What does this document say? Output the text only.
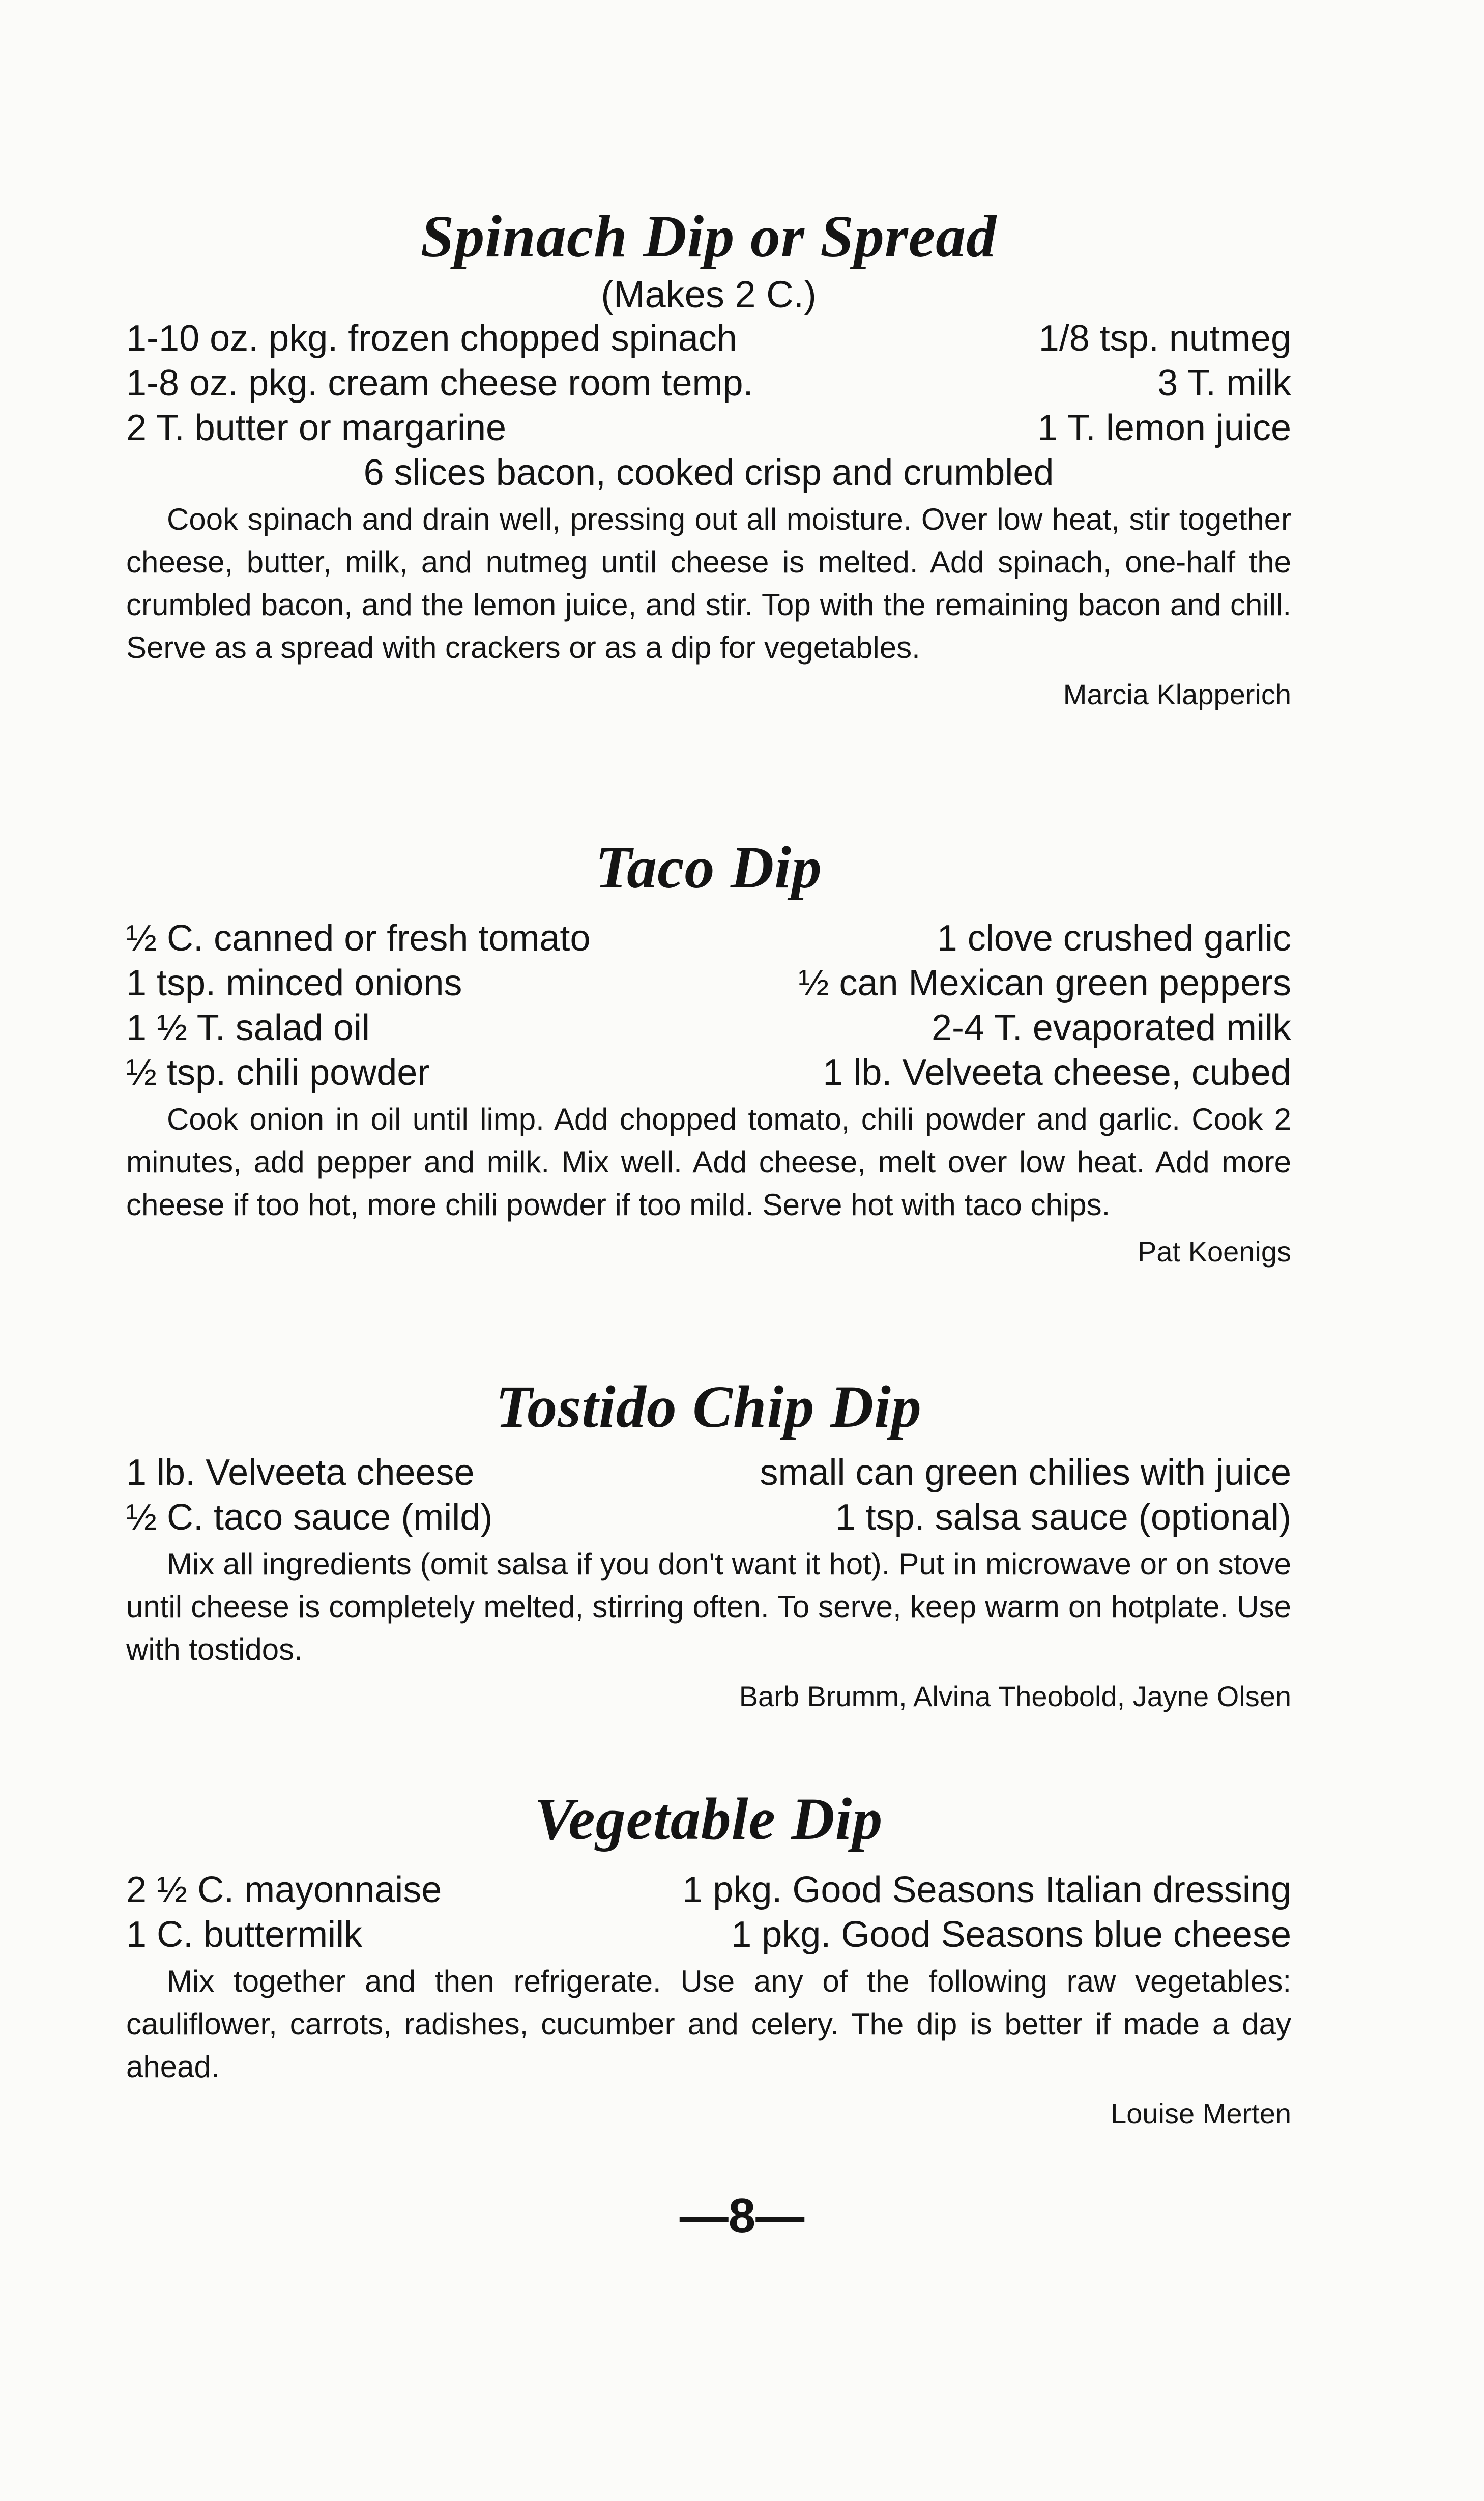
Spinach Dip or Spread
(Makes 2 C.)
1-10 oz. pkg. frozen chopped spinach	1/8 tsp. nutmeg
1-8 oz. pkg. cream cheese room temp.	3 T. milk
2 T. butter or margarine	1 T. lemon juice
6 slices bacon, cooked crisp and crumbled

Cook spinach and drain well, pressing out all moisture. Over low heat, stir together cheese, butter, milk, and nutmeg until cheese is melted. Add spinach, one-half the crumbled bacon, and the lemon juice, and stir. Top with the remaining bacon and chill. Serve as a spread with crackers or as a dip for vegetables.

Marcia Klapperich
Taco Dip
½ C. canned or fresh tomato	1 clove crushed garlic
1 tsp. minced onions	½ can Mexican green peppers
1 ½ T. salad oil	2-4 T. evaporated milk
½ tsp. chili powder	1 lb. Velveeta cheese, cubed

Cook onion in oil until limp. Add chopped tomato, chili powder and garlic. Cook 2 minutes, add pepper and milk. Mix well. Add cheese, melt over low heat. Add more cheese if too hot, more chili powder if too mild. Serve hot with taco chips.

Pat Koenigs
Tostido Chip Dip
1 lb. Velveeta cheese	small can green chilies with juice
½ C. taco sauce (mild)	1 tsp. salsa sauce (optional)

Mix all ingredients (omit salsa if you don't want it hot). Put in microwave or on stove until cheese is completely melted, stirring often. To serve, keep warm on hotplate. Use with tostidos.

Barb Brumm, Alvina Theobold, Jayne Olsen
Vegetable Dip
2 ½ C. mayonnaise	1 pkg. Good Seasons Italian dressing
1 C. buttermilk	1 pkg. Good Seasons blue cheese

Mix together and then refrigerate. Use any of the following raw vegetables: cauliflower, carrots, radishes, cucumber and celery. The dip is better if made a day ahead.

Louise Merten
—8—
